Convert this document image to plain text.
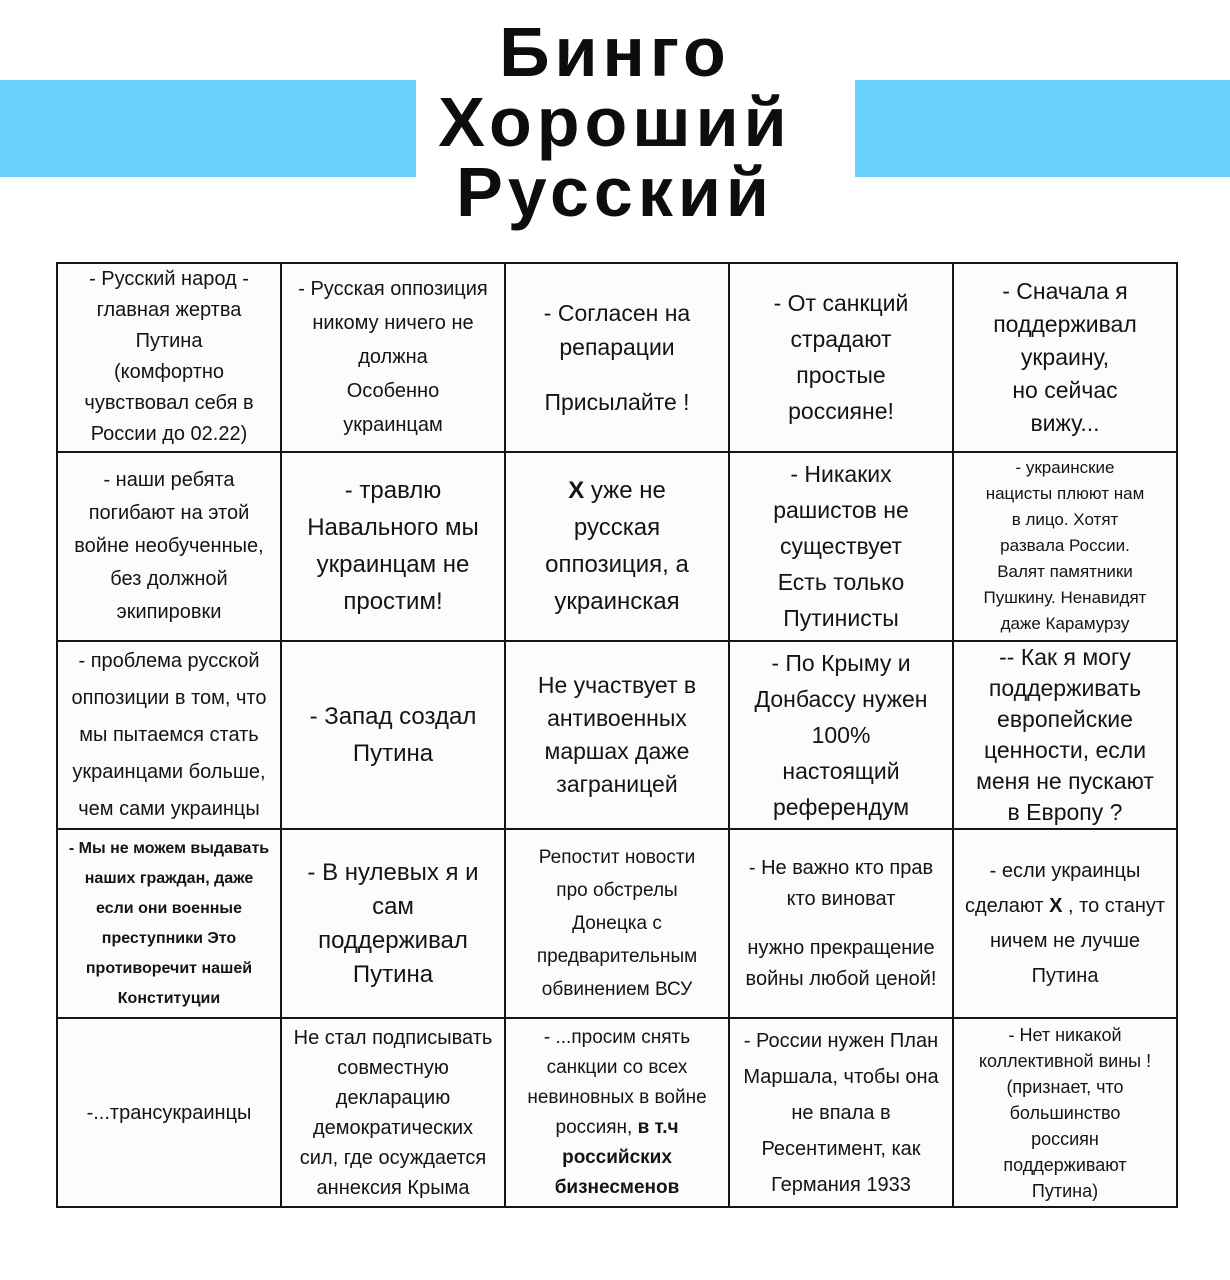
Бинго
Хороший
Русский
- Русский народ -
главная жертва
Путина
(комфортно
чувствовал себя в
России до 02.22)
- Русская оппозиция
никому ничего не
должна
Особенно
украинцам
- Согласен на
репарации
Присылайте !
- От санкций
страдают
простые
россияне!
- Сначала я
поддерживал
украину,
но сейчас
вижу...
- наши ребята
погибают на этой
войне необученные,
без должной
экипировки
- травлю
Навального мы
украинцам не
простим!
Х уже не
русская
оппозиция, а
украинская
- Никаких
рашистов не
существует
Есть только
Путинисты
- украинские
нацисты плюют нам
в лицо. Хотят
развала России.
Валят памятники
Пушкину. Ненавидят
даже Карамурзу
- проблема русской
оппозиции в том, что
мы пытаемся стать
украинцами больше,
чем сами украинцы
- Запад создал
Путина
Не участвует в
антивоенных
маршах даже
заграницей
- По Крыму и
Донбассу нужен
100%
настоящий
референдум
-- Как я могу
поддерживать
европейские
ценности, если
меня не пускают
в Европу ?
- Мы не можем выдавать
наших граждан, даже
если они военные
преступники Это
противоречит нашей
Конституции
- В нулевых я и
сам
поддерживал
Путина
Репостит новости
про обстрелы
Донецка с
предварительным
обвинением ВСУ
- Не важно кто прав
кто виноват
нужно прекращение
войны любой ценой!
- если украинцы
сделают Х , то станут
ничем не лучше
Путина
-...трансукраинцы
Не стал подписывать
совместную
декларацию
демократических
сил, где осуждается
аннексия Крыма
- ...просим снять
санкции со всех
невиновных в войне
россиян, в т.ч
российских
бизнесменов
- России нужен План
Маршала, чтобы она
не впала в
Ресентимент, как
Германия 1933
- Нет никакой
коллективной вины !
(признает, что
большинство
россиян
поддерживают
Путина)
